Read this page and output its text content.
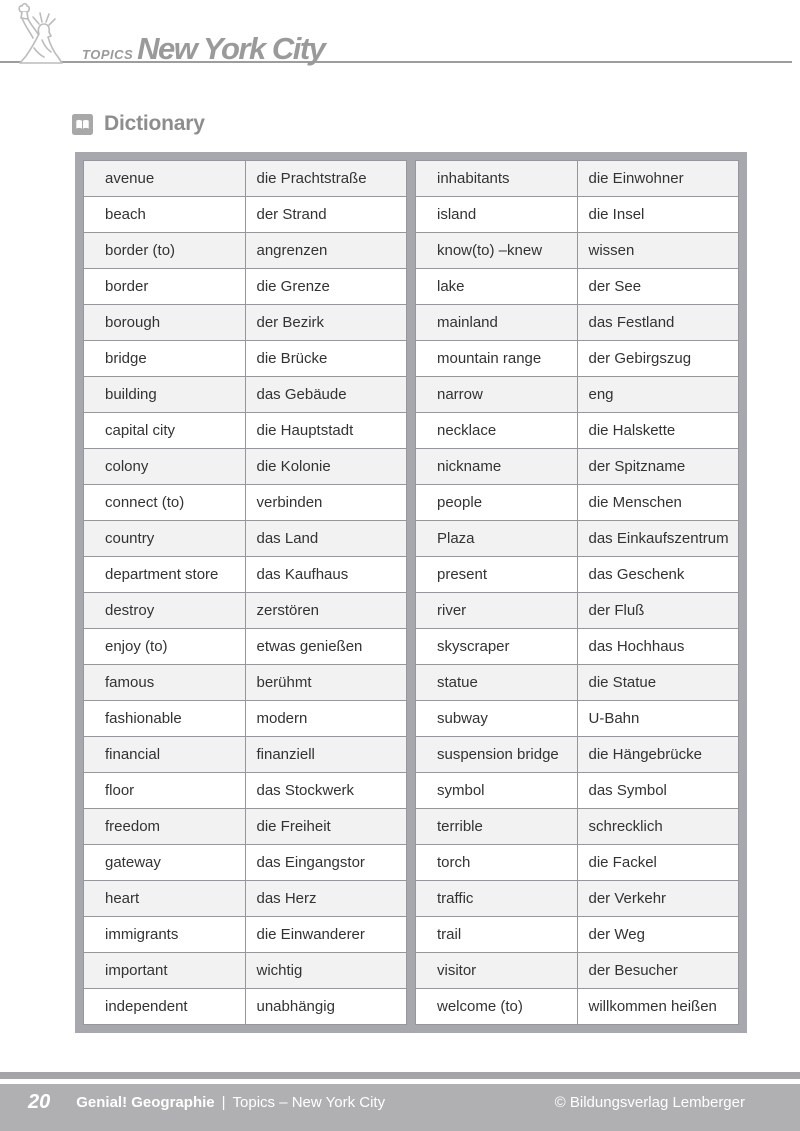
TOPICS New York City
Dictionary
avenue	die Prachtstraße
beach	der Strand
border (to)	angrenzen
border	die Grenze
borough	der Bezirk
bridge	die Brücke
building	das Gebäude
capital city	die Hauptstadt
colony	die Kolonie
connect (to)	verbinden
country	das Land
department store	das Kaufhaus
destroy	zerstören
enjoy (to)	etwas genießen
famous	berühmt
fashionable	modern
financial	finanziell
floor	das Stockwerk
freedom	die Freiheit
gateway	das Eingangstor
heart	das Herz
immigrants	die Einwanderer
important	wichtig
independent	unabhängig
inhabitants	die Einwohner
island	die Insel
know(to) –knew	wissen
lake	der See
mainland	das Festland
mountain range	der Gebirgszug
narrow	eng
necklace	die Halskette
nickname	der Spitzname
people	die Menschen
Plaza	das Einkaufszentrum
present	das Geschenk
river	der Fluß
skyscraper	das Hochhaus
statue	die Statue
subway	U-Bahn
suspension bridge	die Hängebrücke
symbol	das Symbol
terrible	schrecklich
torch	die Fackel
traffic	der Verkehr
trail	der Weg
visitor	der Besucher
welcome (to)	willkommen heißen
20 Genial! Geographie | Topics – New York City	© Bildungsverlag Lemberger
